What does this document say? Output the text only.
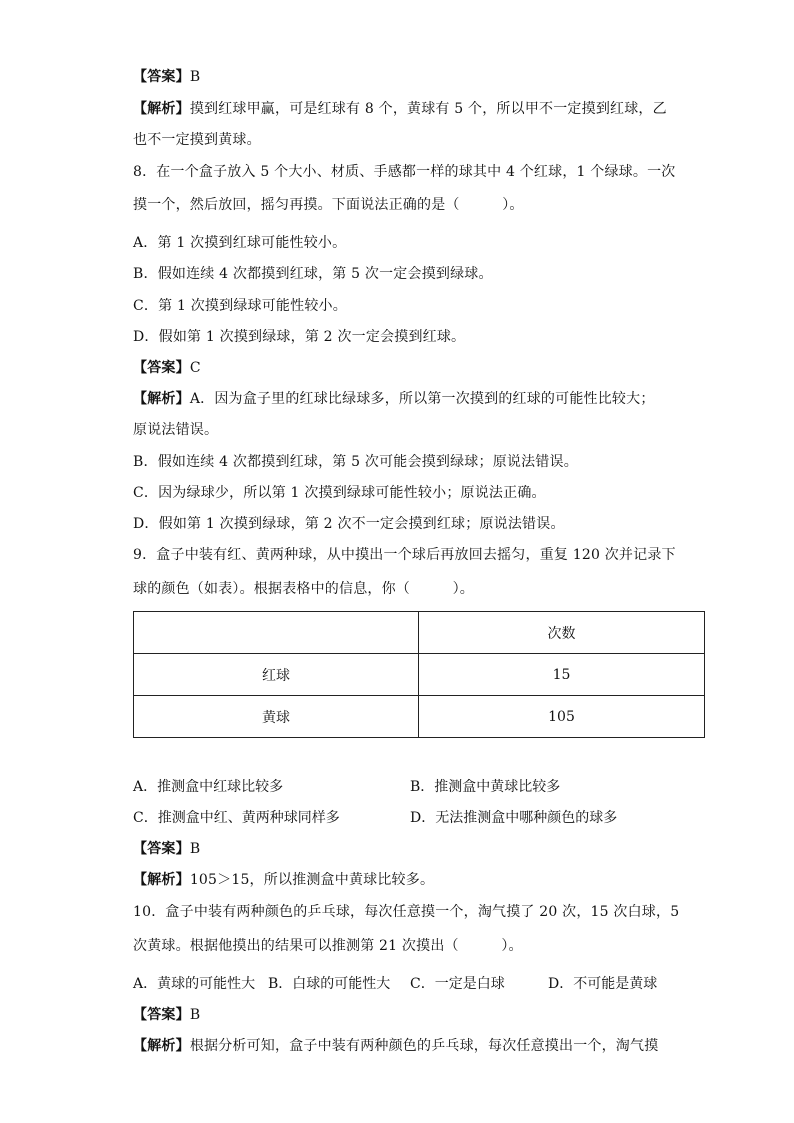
【答案】B
【解析】摸到红球甲赢，可是红球有 8 个，黄球有 5 个，所以甲不一定摸到红球，乙
也不一定摸到黄球。
8．在一个盒子放入 5 个大小、材质、手感都一样的球其中 4 个红球，1 个绿球。一次
摸一个，然后放回，摇匀再摸。下面说法正确的是（　　　）。
A．第 1 次摸到红球可能性较小。
B．假如连续 4 次都摸到红球，第 5 次一定会摸到绿球。
C．第 1 次摸到绿球可能性较小。
D．假如第 1 次摸到绿球，第 2 次一定会摸到红球。
【答案】C
【解析】A．因为盒子里的红球比绿球多，所以第一次摸到的红球的可能性比较大；
原说法错误。
B．假如连续 4 次都摸到红球，第 5 次可能会摸到绿球；原说法错误。
C．因为绿球少，所以第 1 次摸到绿球可能性较小；原说法正确。
D．假如第 1 次摸到绿球，第 2 次不一定会摸到红球；原说法错误。
9．盒子中装有红、黄两种球，从中摸出一个球后再放回去摇匀，重复 120 次并记录下
球的颜色（如表）。根据表格中的信息，你（　　　）。
	次数
红球	15
黄球	105
A．推测盒中红球比较多	B．推测盒中黄球比较多
C．推测盒中红、黄两种球同样多	D．无法推测盒中哪种颜色的球多
【答案】B
【解析】105＞15，所以推测盒中黄球比较多。
10．盒子中装有两种颜色的乒乓球，每次任意摸一个，淘气摸了 20 次，15 次白球，5
次黄球。根据他摸出的结果可以推测第 21 次摸出（　　　）。
A．黄球的可能性大 B．白球的可能性大 C．一定是白球	D．不可能是黄球
【答案】B
【解析】根据分析可知，盒子中装有两种颜色的乒乓球，每次任意摸出一个，淘气摸
